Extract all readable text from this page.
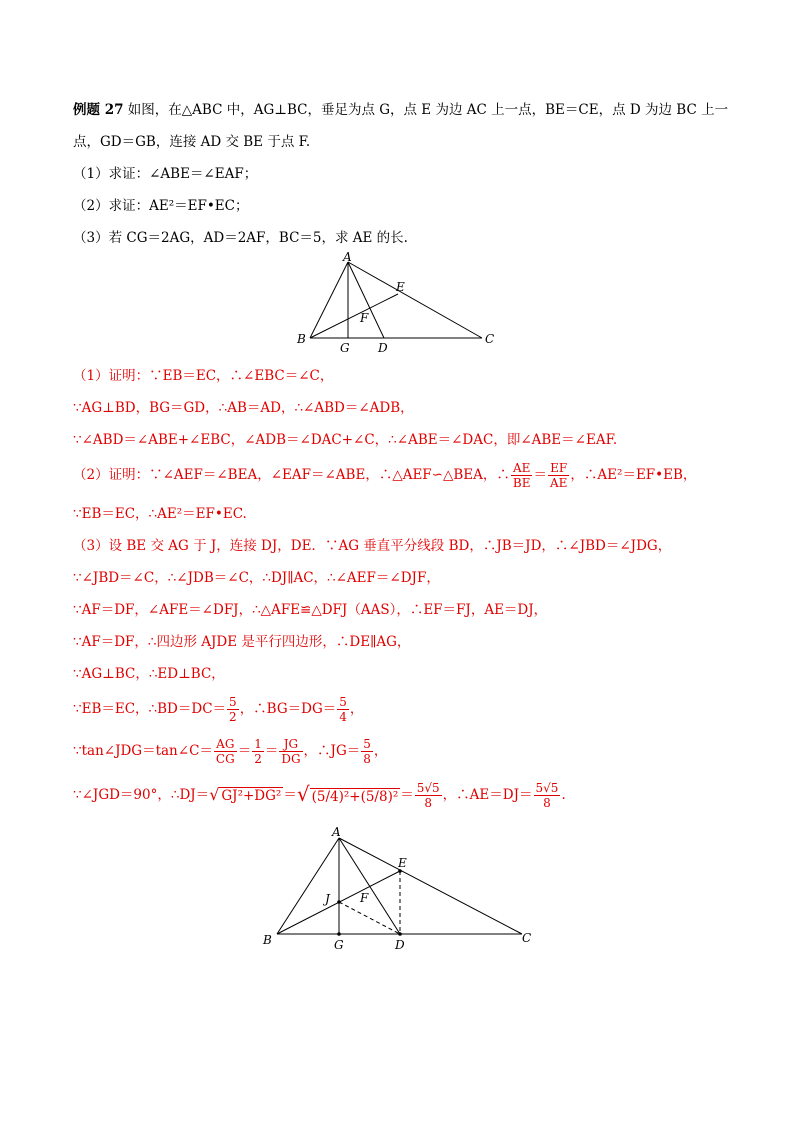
例题 27 如图，在△ABC 中，AG⊥BC，垂足为点 G，点 E 为边 AC 上一点，BE＝CE，点 D 为边 BC 上一
点，GD＝GB，连接 AD 交 BE 于点 F.
（1）求证：∠ABE＝∠EAF；
（2）求证：AE²＝EF•EC；
（3）若 CG＝2AG，AD＝2AF，BC＝5，求 AE 的长.
A
E
F
B
G D
C
（1）证明：∵EB＝EC，∴∠EBC＝∠C，
∵AG⊥BD，BG＝GD，∴AB＝AD，∴∠ABD＝∠ADB，
∵∠ABD＝∠ABE+∠EBC，∠ADB＝∠DAC+∠C，∴∠ABE＝∠DAC，即∠ABE＝∠EAF.
（2）证明：∵∠AEF＝∠BEA，∠EAF＝∠ABE，∴△AEF∽△BEA，∴ $\frac{AE}{BE} = \frac{EF}{AE}$ ，∴AE²＝EF•EB，
∵EB＝EC，∴AE²＝EF•EC.
（3）设 BE 交 AG 于 J，连接 DJ，DE．∵AG 垂直平分线段 BD，∴JB＝JD，∴∠JBD＝∠JDG，
∵∠JBD＝∠C，∴∠JDB＝∠C，∴DJ∥AC，∴∠AEF＝∠DJF，
∵AF＝DF，∠AFE＝∠DFJ，∴△AFE≌△DFJ（AAS），∴EF＝FJ，AE＝DJ，
∵AF＝DF，∴四边形 AJDE 是平行四边形，∴DE∥AG，
∵AG⊥BC，∴ED⊥BC，
∵EB＝EC，∴BD＝DC＝ $\frac{5}{2}$ ，∴BG＝DG＝ $\frac{5}{4}$ ，
∵tan∠JDG＝tan∠C＝ $\frac{AG}{CG} = \frac{1}{2} = \frac{JG}{DG}$ ，∴JG＝ $\frac{5}{8}$ ，
∵∠JGD＝90°，∴DJ＝√ GJ²+DG² ＝√ $(5/4)^2+(5/8)^2 = \frac{5√5}{8}$ ，∴AE＝DJ＝ $\frac{5√5}{8}$ .
A
E
J	F
B	G	D	C
